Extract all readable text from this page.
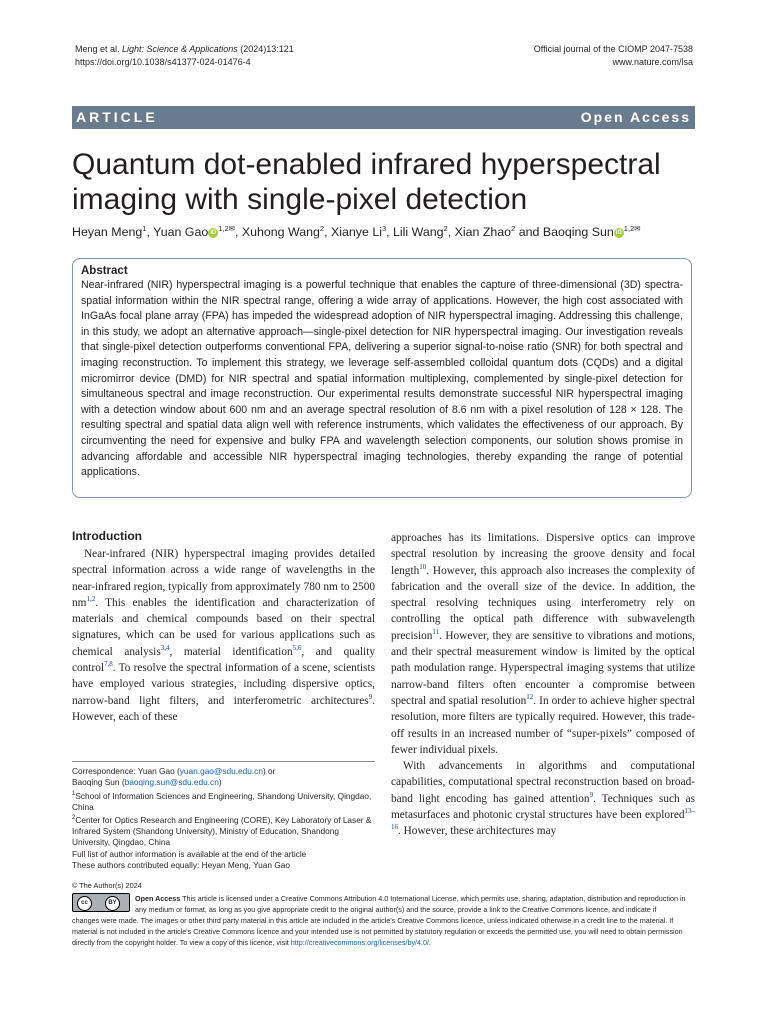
Meng et al. Light: Science & Applications (2024)13:121
https://doi.org/10.1038/s41377-024-01476-4
Official journal of the CIOMP 2047-7538
www.nature.com/lsa
ARTICLE	Open Access
Quantum dot-enabled infrared hyperspectral imaging with single-pixel detection
Heyan Meng$^1$, Yuan Gao iD $^{1,2✉}$, Xuhong Wang$^2$, Xianye Li$^3$, Lili Wang$^2$, Xian Zhao$^2$ and Baoqing Sun iD $^{1,2✉}$
Abstract

Near-infrared (NIR) hyperspectral imaging is a powerful technique that enables the capture of three-dimensional (3D) spectra-spatial information within the NIR spectral range, offering a wide array of applications. However, the high cost associated with InGaAs focal plane array (FPA) has impeded the widespread adoption of NIR hyperspectral imaging. Addressing this challenge, in this study, we adopt an alternative approach—single-pixel detection for NIR hyperspectral imaging. Our investigation reveals that single-pixel detection outperforms conventional FPA, delivering a superior signal-to-noise ratio (SNR) for both spectral and imaging reconstruction. To implement this strategy, we leverage self-assembled colloidal quantum dots (CQDs) and a digital micromirror device (DMD) for NIR spectral and spatial information multiplexing, complemented by single-pixel detection for simultaneous spectral and image reconstruction. Our experimental results demonstrate successful NIR hyperspectral imaging with a detection window about 600 nm and an average spectral resolution of 8.6 nm with a pixel resolution of 128 × 128. The resulting spectral and spatial data align well with reference instruments, which validates the effectiveness of our approach. By circumventing the need for expensive and bulky FPA and wavelength selection components, our solution shows promise in advancing affordable and accessible NIR hyperspectral imaging technologies, thereby expanding the range of potential applications.

Introduction

Near-infrared (NIR) hyperspectral imaging provides detailed spectral information across a wide range of wavelengths in the near-infrared region, typically from approximately 780 nm to 2500 nm$^{1,2}$. This enables the identification and characterization of materials and chemical compounds based on their spectral signatures, which can be used for various applications such as chemical analysis$^{3,4}$, material identification$^{5,6}$, and quality control$^{7,8}$. To resolve the spectral information of a scene, scientists have employed various strategies, including dispersive optics, narrow-band light filters, and interferometric architectures$^9$. However, each of these

approaches has its limitations. Dispersive optics can improve spectral resolution by increasing the groove density and focal length$^{10}$. However, this approach also increases the complexity of fabrication and the overall size of the device. In addition, the spectral resolving techniques using interferometry rely on controlling the optical path difference with subwavelength precision$^{11}$. However, they are sensitive to vibrations and motions, and their spectral measurement window is limited by the optical path modulation range. Hyperspectral imaging systems that utilize narrow-band filters often encounter a compromise between spectral and spatial resolution$^{12}$. In order to achieve higher spectral resolution, more filters are typically required. However, this trade-off results in an increased number of “super-pixels” composed of fewer individual pixels.

With advancements in algorithms and computational capabilities, computational spectral reconstruction based on broad-band light encoding has gained attention$^9$. Techniques such as metasurfaces and photonic crystal structures have been explored$^{13-16}$. However, these architectures may

Correspondence: Yuan Gao (yuan.gao@sdu.edu.cn) or
Baoqing Sun (baoqing.sun@sdu.edu.cn)
$^1$School of Information Sciences and Engineering, Shandong University, Qingdao, China
$^2$Center for Optics Research and Engineering (CORE), Key Laboratory of Laser & Infrared System (Shandong University), Ministry of Education, Shandong University, Qingdao, China
Full list of author information is available at the end of the article
These authors contributed equally: Heyan Meng, Yuan Gao
© The Author(s) 2024
cc	BY	Open Access This article is licensed under a Creative Commons Attribution 4.0 International License, which permits use, sharing, adaptation, distribution and reproduction in any medium or format, as long as you give appropriate credit to the original author(s) and the source, provide a link to the Creative Commons licence, and indicate if
changes were made. The images or other third party material in this article are included in the article's Creative Commons licence, unless indicated otherwise in a credit line to the material. If material is not included in the article's Creative Commons licence and your intended use is not permitted by statutory regulation or exceeds the permitted use, you will need to obtain permission directly from the copyright holder. To view a copy of this licence, visit http://creativecommons.org/licenses/by/4.0/.
